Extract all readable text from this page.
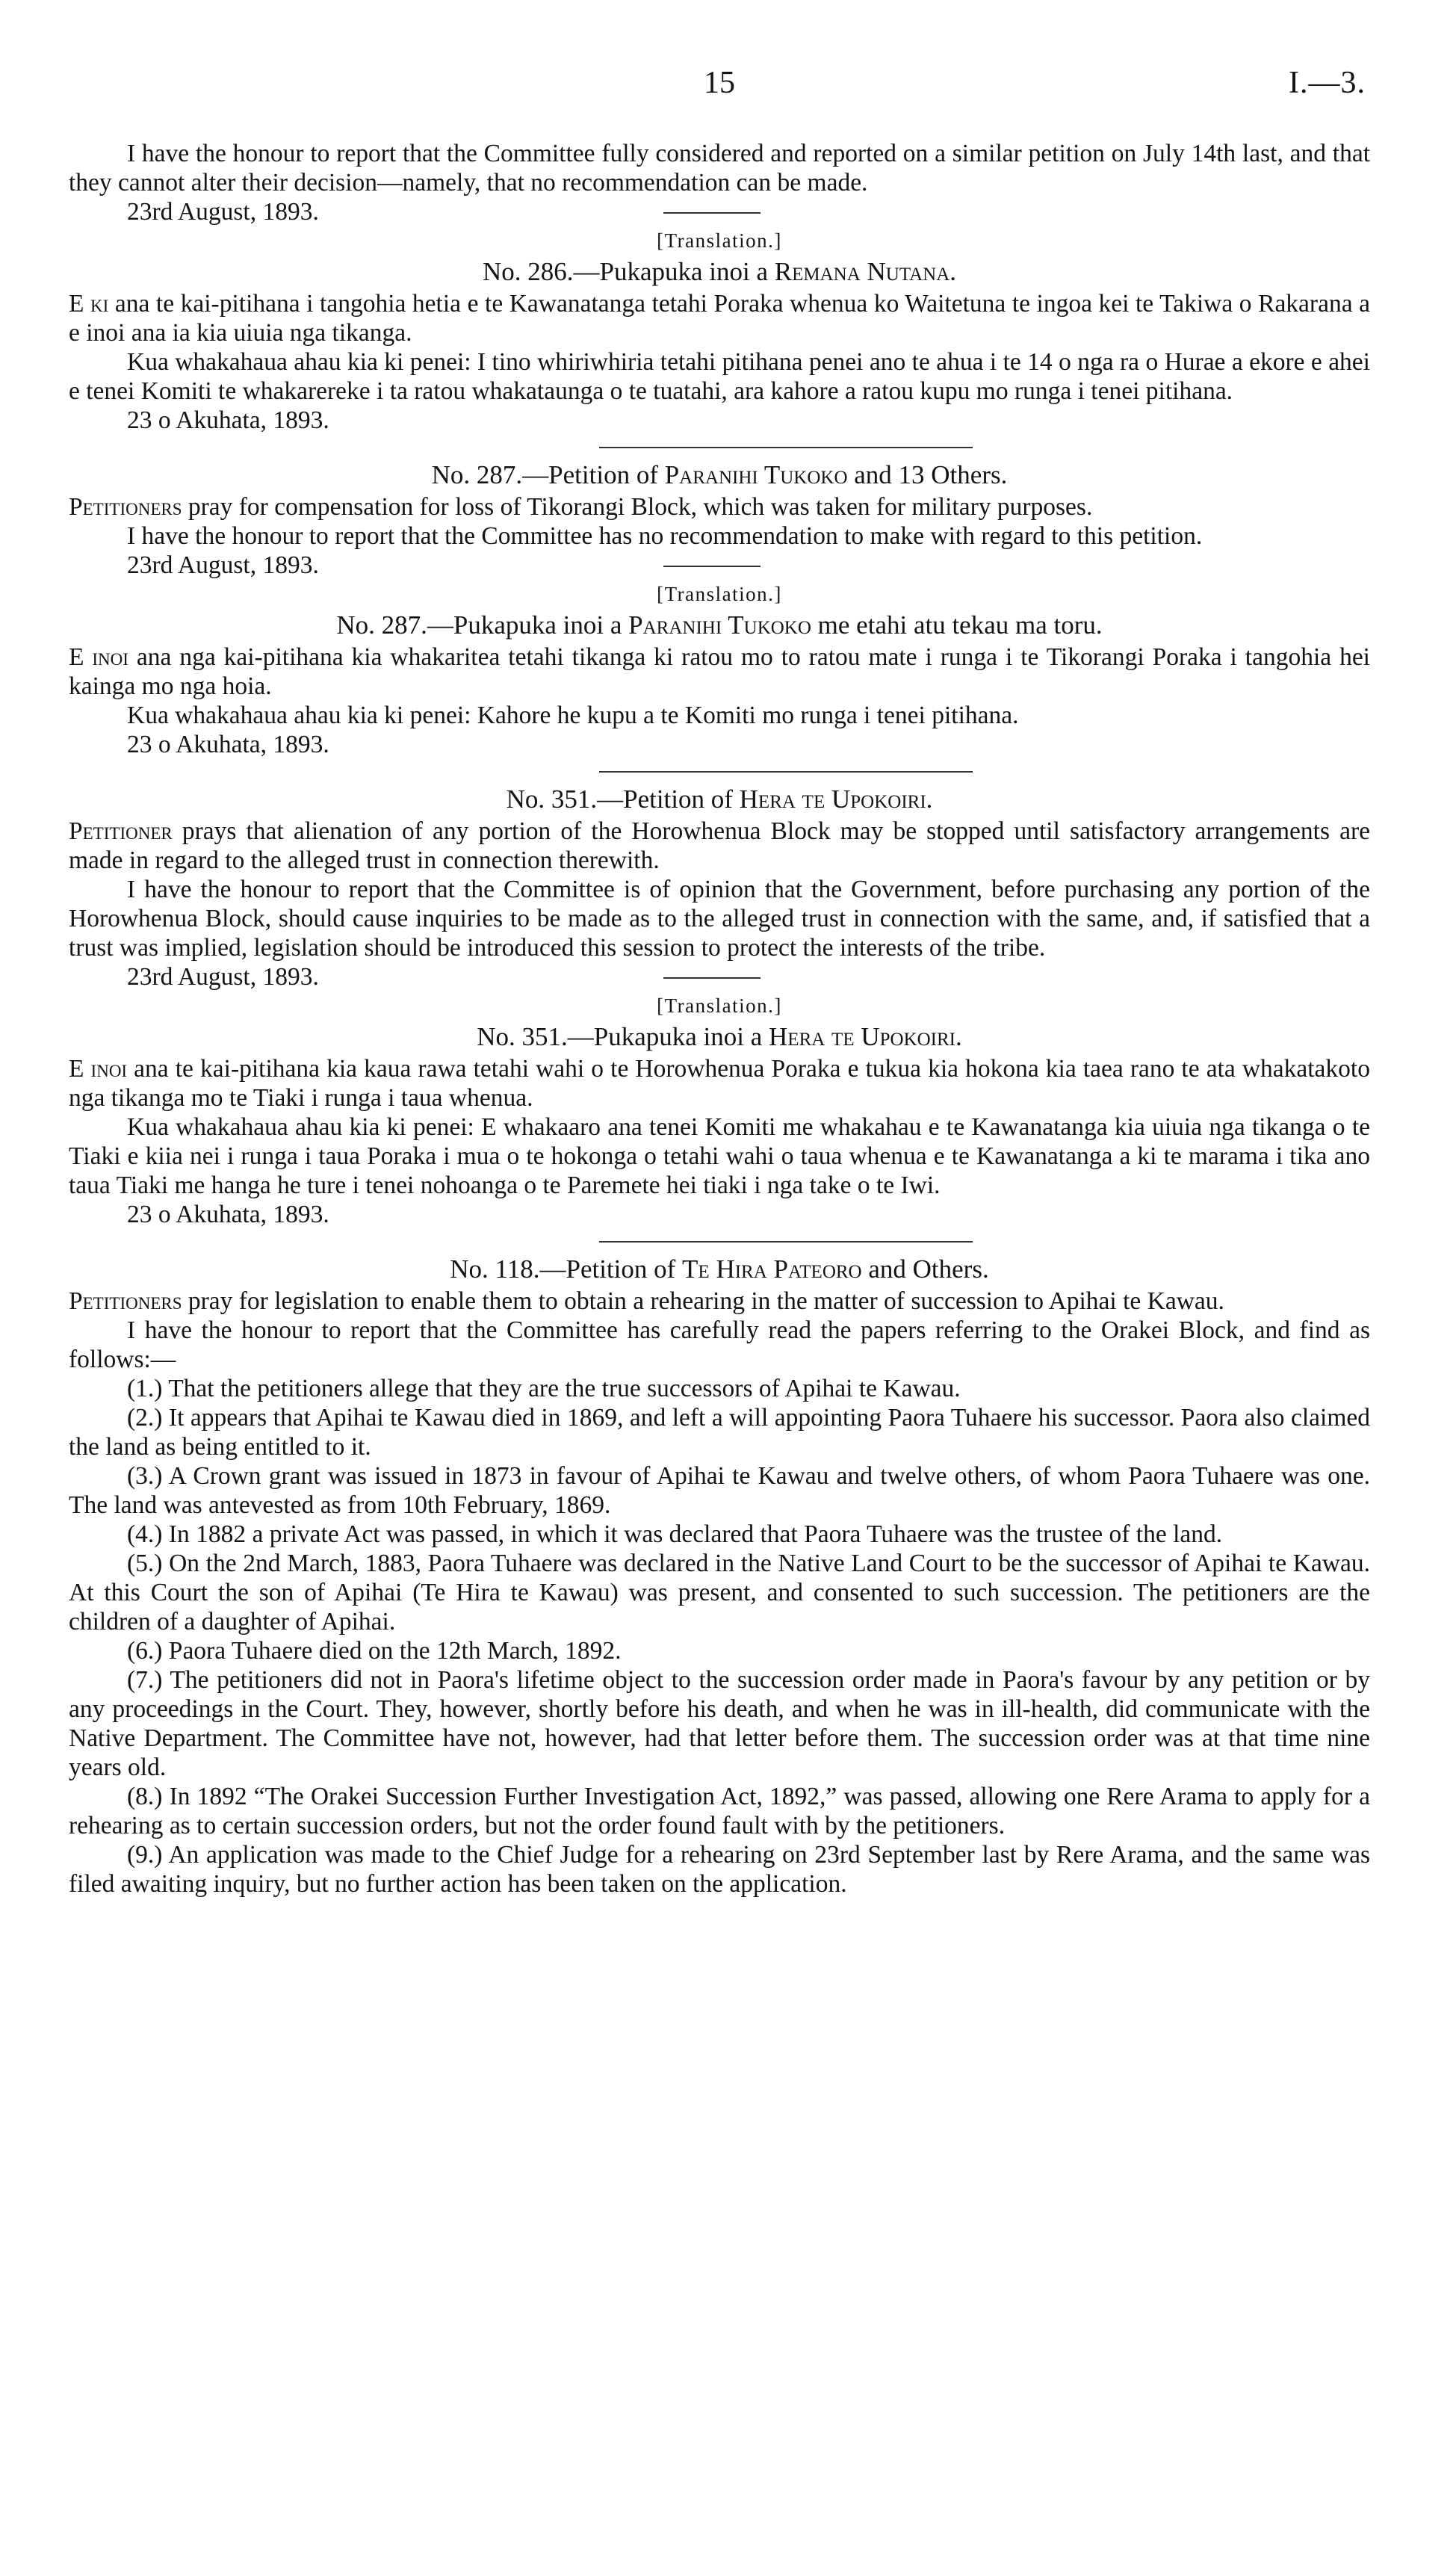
15	I.—3.

I have the honour to report that the Committee fully considered and reported on a similar petition on July 14th last, and that they cannot alter their decision—namely, that no recommendation can be made.

23rd August, 1893.

[Translation.]

No. 286.—Pukapuka inoi a Remana Nutana.

E ki ana te kai-pitihana i tangohia hetia e te Kawanatanga tetahi Poraka whenua ko Waitetuna te ingoa kei te Takiwa o Rakarana a e inoi ana ia kia uiuia nga tikanga.

Kua whakahaua ahau kia ki penei: I tino whiriwhiria tetahi pitihana penei ano te ahua i te 14 o nga ra o Hurae a ekore e ahei e tenei Komiti te whakarereke i ta ratou whakataunga o te tuatahi, ara kahore a ratou kupu mo runga i tenei pitihana.

23 o Akuhata, 1893.

No. 287.—Petition of Paranihi Tukoko and 13 Others.

Petitioners pray for compensation for loss of Tikorangi Block, which was taken for military purposes.

I have the honour to report that the Committee has no recommendation to make with regard to this petition.

23rd August, 1893.

[Translation.]

No. 287.—Pukapuka inoi a Paranihi Tukoko me etahi atu tekau ma toru.

E inoi ana nga kai-pitihana kia whakaritea tetahi tikanga ki ratou mo to ratou mate i runga i te Tikorangi Poraka i tangohia hei kainga mo nga hoia.

Kua whakahaua ahau kia ki penei: Kahore he kupu a te Komiti mo runga i tenei pitihana.

23 o Akuhata, 1893.

No. 351.—Petition of Hera te Upokoiri.

Petitioner prays that alienation of any portion of the Horowhenua Block may be stopped until satisfactory arrangements are made in regard to the alleged trust in connection therewith.

I have the honour to report that the Committee is of opinion that the Government, before purchasing any portion of the Horowhenua Block, should cause inquiries to be made as to the alleged trust in connection with the same, and, if satisfied that a trust was implied, legislation should be introduced this session to protect the interests of the tribe.

23rd August, 1893.

[Translation.]

No. 351.—Pukapuka inoi a Hera te Upokoiri.

E inoi ana te kai-pitihana kia kaua rawa tetahi wahi o te Horowhenua Poraka e tukua kia hokona kia taea rano te ata whakatakoto nga tikanga mo te Tiaki i runga i taua whenua.

Kua whakahaua ahau kia ki penei: E whakaaro ana tenei Komiti me whakahau e te Kawanatanga kia uiuia nga tikanga o te Tiaki e kiia nei i runga i taua Poraka i mua o te hokonga o tetahi wahi o taua whenua e te Kawanatanga a ki te marama i tika ano taua Tiaki me hanga he ture i tenei nohoanga o te Paremete hei tiaki i nga take o te Iwi.

23 o Akuhata, 1893.

No. 118.—Petition of Te Hira Pateoro and Others.

Petitioners pray for legislation to enable them to obtain a rehearing in the matter of succession to Apihai te Kawau.

I have the honour to report that the Committee has carefully read the papers referring to the Orakei Block, and find as follows:—

(1.) That the petitioners allege that they are the true successors of Apihai te Kawau.

(2.) It appears that Apihai te Kawau died in 1869, and left a will appointing Paora Tuhaere his successor. Paora also claimed the land as being entitled to it.

(3.) A Crown grant was issued in 1873 in favour of Apihai te Kawau and twelve others, of whom Paora Tuhaere was one. The land was antevested as from 10th February, 1869.

(4.) In 1882 a private Act was passed, in which it was declared that Paora Tuhaere was the trustee of the land.

(5.) On the 2nd March, 1883, Paora Tuhaere was declared in the Native Land Court to be the successor of Apihai te Kawau. At this Court the son of Apihai (Te Hira te Kawau) was present, and consented to such succession. The petitioners are the children of a daughter of Apihai.

(6.) Paora Tuhaere died on the 12th March, 1892.

(7.) The petitioners did not in Paora's lifetime object to the succession order made in Paora's favour by any petition or by any proceedings in the Court. They, however, shortly before his death, and when he was in ill-health, did communicate with the Native Department. The Committee have not, however, had that letter before them. The succession order was at that time nine years old.

(8.) In 1892 “The Orakei Succession Further Investigation Act, 1892,” was passed, allowing one Rere Arama to apply for a rehearing as to certain succession orders, but not the order found fault with by the petitioners.

(9.) An application was made to the Chief Judge for a rehearing on 23rd September last by Rere Arama, and the same was filed awaiting inquiry, but no further action has been taken on the application.
